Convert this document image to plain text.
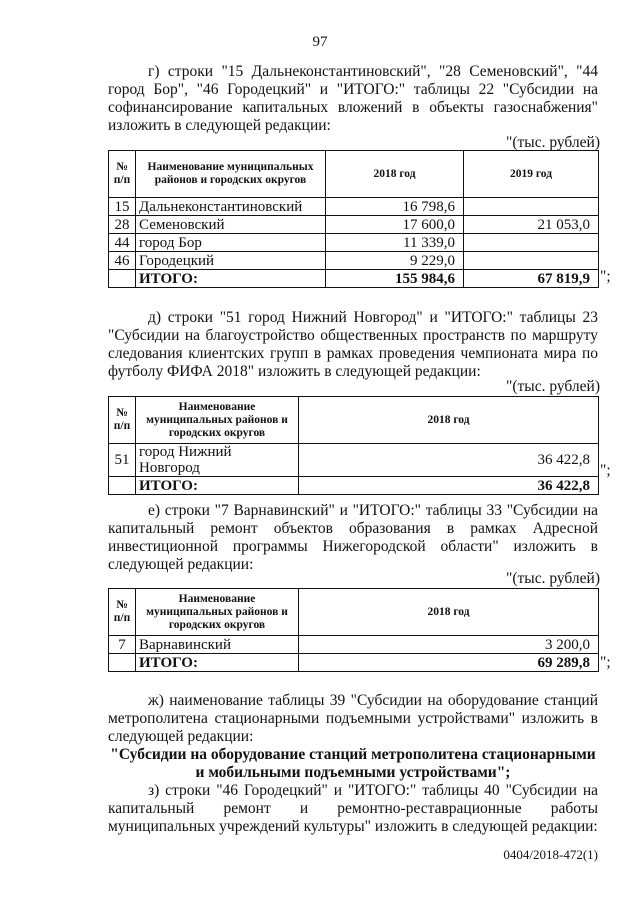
97

г) строки "15 Дальнеконстантиновский", "28 Семеновский", "44 город Бор", "46 Городецкий" и "ИТОГО:" таблицы 22 "Субсидии на софинансирование капитальных вложений в объекты газоснабжения" изложить в следующей редакции:

"(тыс. рублей)
№ п/п	Наименование муниципальных районов и городских округов	2018 год	2019 год
15	Дальнеконстантиновский	16 798,6	
28	Семеновский	17 600,0	21 053,0
44	город Бор	11 339,0	
46	Городецкий	9 229,0	
	ИТОГО:	155 984,6	67 819,9 ";

д) строки "51 город Нижний Новгород" и "ИТОГО:" таблицы 23 "Субсидии на благоустройство общественных пространств по маршруту следования клиентских групп в рамках проведения чемпионата мира по футболу ФИФА 2018" изложить в следующей редакции:

"(тыс. рублей)
№ п/п	Наименование муниципальных районов и городских округов	2018 год
51	город Нижний Новгород	36 422,8
	ИТОГО:	36 422,8
";

е) строки "7 Варнавинский" и "ИТОГО:" таблицы 33 "Субсидии на капитальный ремонт объектов образования в рамках Адресной инвестиционной программы Нижегородской области" изложить в следующей редакции:

"(тыс. рублей)
№ п/п	Наименование муниципальных районов и городских округов	2018 год
7	Варнавинский	3 200,0
	ИТОГО:	69 289,8 ";

ж) наименование таблицы 39 "Субсидии на оборудование станций метрополитена стационарными подъемными устройствами" изложить в следующей редакции:

"Субсидии на оборудование станций метрополитена стационарными и мобильными подъемными устройствами";

з) строки "46 Городецкий" и "ИТОГО:" таблицы 40 "Субсидии на капитальный ремонт и ремонтно-реставрационные работы муниципальных учреждений культуры" изложить в следующей редакции:

0404/2018-472(1)
